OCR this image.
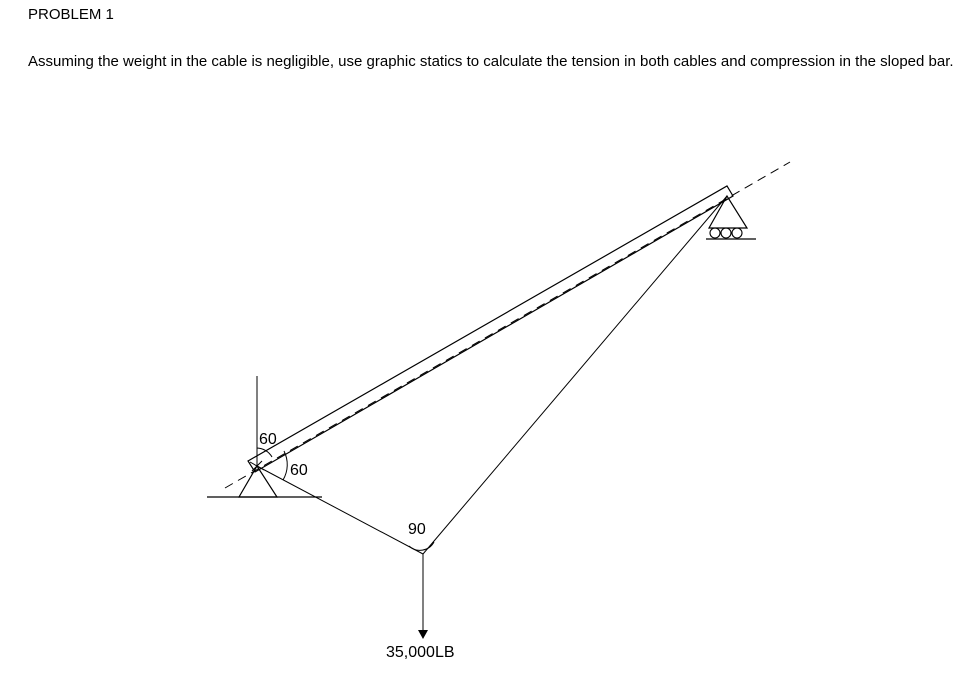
PROBLEM 1

Assuming the weight in the cable is negligible, use graphic statics to calculate the tension in both cables and compression in the sloped bar.

60
60
90
35,000LB
